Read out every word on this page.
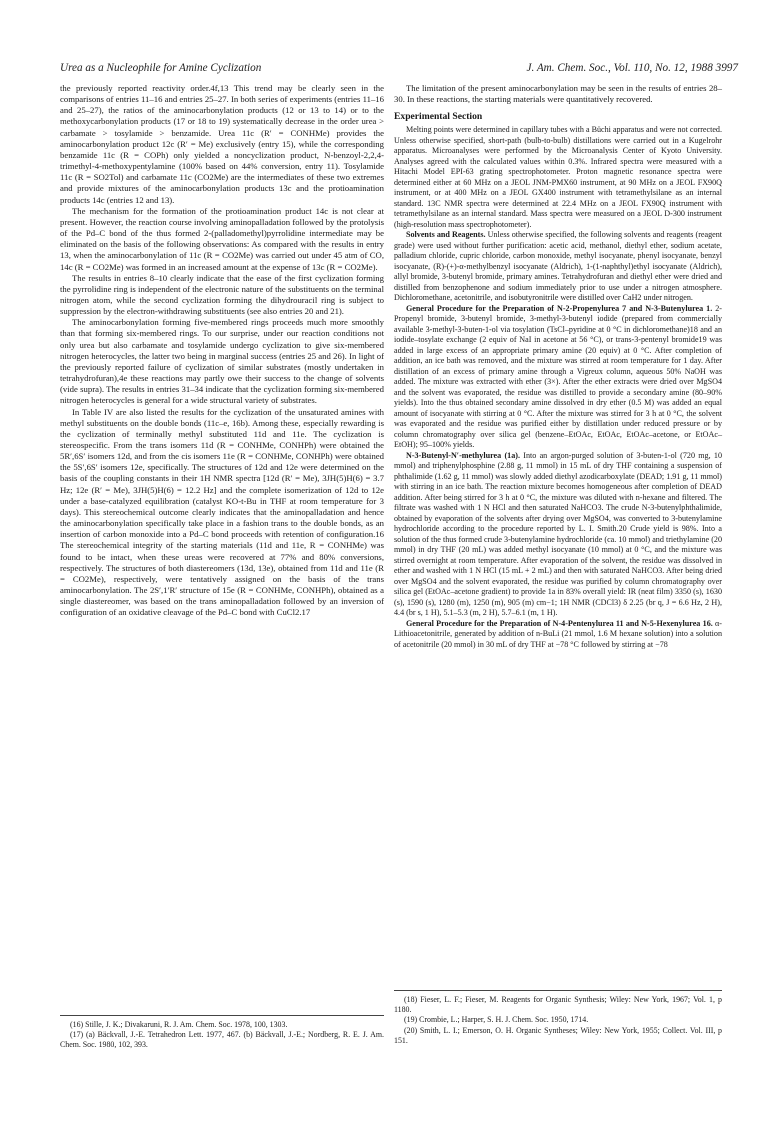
Urea as a Nucleophile for Amine Cyclization	J. Am. Chem. Soc., Vol. 110, No. 12, 1988 3997

the previously reported reactivity order.4f,13 This trend may be clearly seen in the comparisons of entries 11–16 and entries 25–27. In both series of experiments (entries 11–16 and 25–27), the ratios of the aminocarbonylation products (12 or 13 to 14) or to the methoxycarbonylation products (17 or 18 to 19) systematically decrease in the order urea > carbamate > tosylamide > benzamide. Urea 11c (R′ = CONHMe) provides the aminocarbonylation product 12c (R′ = Me) exclusively (entry 15), while the corresponding benzamide 11c (R = COPh) only yielded a noncyclization product, N-benzoyl-2,2,4-trimethyl-4-methoxypentylamine (100% based on 44% conversion, entry 11). Tosylamide 11c (R = SO2Tol) and carbamate 11c (CO2Me) are the intermediates of these two extremes and provide mixtures of the aminocarbonylation products 13c and the protioamination products 14c (entries 12 and 13).

The mechanism for the formation of the protioamination product 14c is not clear at present. However, the reaction course involving aminopalladation followed by the protolysis of the Pd–C bond of the thus formed 2-(palladomethyl)pyrrolidine intermediate may be eliminated on the basis of the following observations: As compared with the results in entry 13, when the aminocarbonylation of 11c (R = CO2Me) was carried out under 45 atm of CO, 14c (R = CO2Me) was formed in an increased amount at the expense of 13c (R = CO2Me).

The results in entries 8–10 clearly indicate that the ease of the first cyclization forming the pyrrolidine ring is independent of the electronic nature of the substituents on the terminal nitrogen atom, while the second cyclization forming the dihydrouracil ring is subject to suppression by the electron-withdrawing substituents (see also entries 20 and 21).

The aminocarbonylation forming five-membered rings proceeds much more smoothly than that forming six-membered rings. To our surprise, under our reaction conditions not only urea but also carbamate and tosylamide undergo cyclization to give six-membered nitrogen heterocycles, the latter two being in marginal success (entries 25 and 26). In light of the previously reported failure of cyclization of similar substrates (mostly undertaken in tetrahydrofuran),4e these reactions may partly owe their success to the change of solvents (vide supra). The results in entries 31–34 indicate that the cyclization forming six-membered nitrogen heterocycles is general for a wide structural variety of substrates.

In Table IV are also listed the results for the cyclization of the unsaturated amines with methyl substituents on the double bonds (11c–e, 16b). Among these, especially rewarding is the cyclization of terminally methyl substituted 11d and 11e. The cyclization is stereospecific. From the trans isomers 11d (R = CONHMe, CONHPh) were obtained the 5R′,6S′ isomers 12d, and from the cis isomers 11e (R = CONHMe, CONHPh) were obtained the 5S′,6S′ isomers 12e, specifically. The structures of 12d and 12e were determined on the basis of the coupling constants in their 1H NMR spectra [12d (R′ = Me), 3JH(5)H(6) = 3.7 Hz; 12e (R′ = Me), 3JH(5)H(6) = 12.2 Hz] and the complete isomerization of 12d to 12e under a base-catalyzed equilibration (catalyst KO-t-Bu in THF at room temperature for 3 days). This stereochemical outcome clearly indicates that the aminopalladation and hence the aminocarbonylation specifically take place in a fashion trans to the double bonds, as an insertion of carbon monoxide into a Pd–C bond proceeds with retention of configuration.16 The stereochemical integrity of the starting materials (11d and 11e, R = CONHMe) was found to be intact, when these ureas were recovered at 77% and 80% conversions, respectively. The structures of both diastereomers (13d, 13e), obtained from 11d and 11e (R = CO2Me), respectively, were tentatively assigned on the basis of the trans aminocarbonylation. The 2S′,1′R′ structure of 15e (R = CONHMe, CONHPh), obtained as a single diastereomer, was based on the trans aminopalladation followed by an inversion of configuration of an oxidative cleavage of the Pd–C bond with CuCl2.17

(16) Stille, J. K.; Divakaruni, R. J. Am. Chem. Soc. 1978, 100, 1303.

(17) (a) Bäckvall, J.-E. Tetrahedron Lett. 1977, 467. (b) Bäckvall, J.-E.; Nordberg, R. E. J. Am. Chem. Soc. 1980, 102, 393.

The limitation of the present aminocarbonylation may be seen in the results of entries 28–30. In these reactions, the starting materials were quantitatively recovered.

Experimental Section

Melting points were determined in capillary tubes with a Büchi apparatus and were not corrected. Unless otherwise specified, short-path (bulb-to-bulb) distillations were carried out in a Kugelrohr apparatus. Microanalyses were performed by the Microanalysis Center of Kyoto University. Analyses agreed with the calculated values within 0.3%. Infrared spectra were measured with a Hitachi Model EPI-63 grating spectrophotometer. Proton magnetic resonance spectra were determined either at 60 MHz on a JEOL JNM-PMX60 instrument, at 90 MHz on a JEOL FX90Q instrument, or at 400 MHz on a JEOL GX400 instrument with tetramethylsilane as an internal standard. 13C NMR spectra were determined at 22.4 MHz on a JEOL FX90Q instrument with tetramethylsilane as an internal standard. Mass spectra were measured on a JEOL D-300 instrument (high-resolution mass spectrophotometer).

Solvents and Reagents. Unless otherwise specified, the following solvents and reagents (reagent grade) were used without further purification: acetic acid, methanol, diethyl ether, sodium acetate, palladium chloride, cupric chloride, carbon monoxide, methyl isocyanate, phenyl isocyanate, benzyl isocyanate, (R)-(+)-α-methylbenzyl isocyanate (Aldrich), 1-(1-naphthyl)ethyl isocyanate (Aldrich), allyl bromide, 3-butenyl bromide, primary amines. Tetrahydrofuran and diethyl ether were dried and distilled from benzophenone and sodium immediately prior to use under a nitrogen atmosphere. Dichloromethane, acetonitrile, and isobutyronitrile were distilled over CaH2 under nitrogen.

General Procedure for the Preparation of N-2-Propenylurea 7 and N-3-Butenylurea 1. 2-Propenyl bromide, 3-butenyl bromide, 3-methyl-3-butenyl iodide (prepared from commercially available 3-methyl-3-buten-1-ol via tosylation (TsCl–pyridine at 0 °C in dichloromethane)18 and an iodide–tosylate exchange (2 equiv of NaI in acetone at 56 °C), or trans-3-pentenyl bromide19 was added in large excess of an appropriate primary amine (20 equiv) at 0 °C. After completion of addition, an ice bath was removed, and the mixture was stirred at room temperature for 1 day. After distillation of an excess of primary amine through a Vigreux column, aqueous 50% NaOH was added. The mixture was extracted with ether (3×). After the ether extracts were dried over MgSO4 and the solvent was evaporated, the residue was distilled to provide a secondary amine (80–90% yields). Into the thus obtained secondary amine dissolved in dry ether (0.5 M) was added an equal amount of isocyanate with stirring at 0 °C. After the mixture was stirred for 3 h at 0 °C, the solvent was evaporated and the residue was purified either by distillation under reduced pressure or by column chromatography over silica gel (benzene–EtOAc, EtOAc, EtOAc–acetone, or EtOAc–EtOH); 95–100% yields.

N-3-Butenyl-N′-methylurea (1a). Into an argon-purged solution of 3-buten-1-ol (720 mg, 10 mmol) and triphenylphosphine (2.88 g, 11 mmol) in 15 mL of dry THF containing a suspension of phthalimide (1.62 g, 11 mmol) was slowly added diethyl azodicarboxylate (DEAD; 1.91 g, 11 mmol) with stirring in an ice bath. The reaction mixture becomes homogeneous after completion of DEAD addition. After being stirred for 3 h at 0 °C, the mixture was diluted with n-hexane and filtered. The filtrate was washed with 1 N HCl and then saturated NaHCO3. The crude N-3-butenylphthalimide, obtained by evaporation of the solvents after drying over MgSO4, was converted to 3-butenylamine hydrochloride according to the procedure reported by L. I. Smith.20 Crude yield is 98%. Into a solution of the thus formed crude 3-butenylamine hydrochloride (ca. 10 mmol) and triethylamine (20 mmol) in dry THF (20 mL) was added methyl isocyanate (10 mmol) at 0 °C, and the mixture was stirred overnight at room temperature. After evaporation of the solvent, the residue was dissolved in ether and washed with 1 N HCl (15 mL + 2 mL) and then with saturated NaHCO3. After being dried over MgSO4 and the solvent evaporated, the residue was purified by column chromatography over silica gel (EtOAc–acetone gradient) to provide 1a in 83% overall yield: IR (neat film) 3350 (s), 1630 (s), 1590 (s), 1280 (m), 1250 (m), 905 (m) cm−1; 1H NMR (CDCl3) δ 2.25 (br q, J = 6.6 Hz, 2 H), 4.4 (br s, 1 H), 5.1–5.3 (m, 2 H), 5.7–6.1 (m, 1 H).

General Procedure for the Preparation of N-4-Pentenylurea 11 and N-5-Hexenylurea 16. α-Lithioacetonitrile, generated by addition of n-BuLi (21 mmol, 1.6 M hexane solution) into a solution of acetonitrile (20 mmol) in 30 mL of dry THF at −78 °C followed by stirring at −78

(18) Fieser, L. F.; Fieser, M. Reagents for Organic Synthesis; Wiley: New York, 1967; Vol. 1, p 1180.

(19) Crombie, L.; Harper, S. H. J. Chem. Soc. 1950, 1714.

(20) Smith, L. I.; Emerson, O. H. Organic Syntheses; Wiley: New York, 1955; Collect. Vol. III, p 151.
